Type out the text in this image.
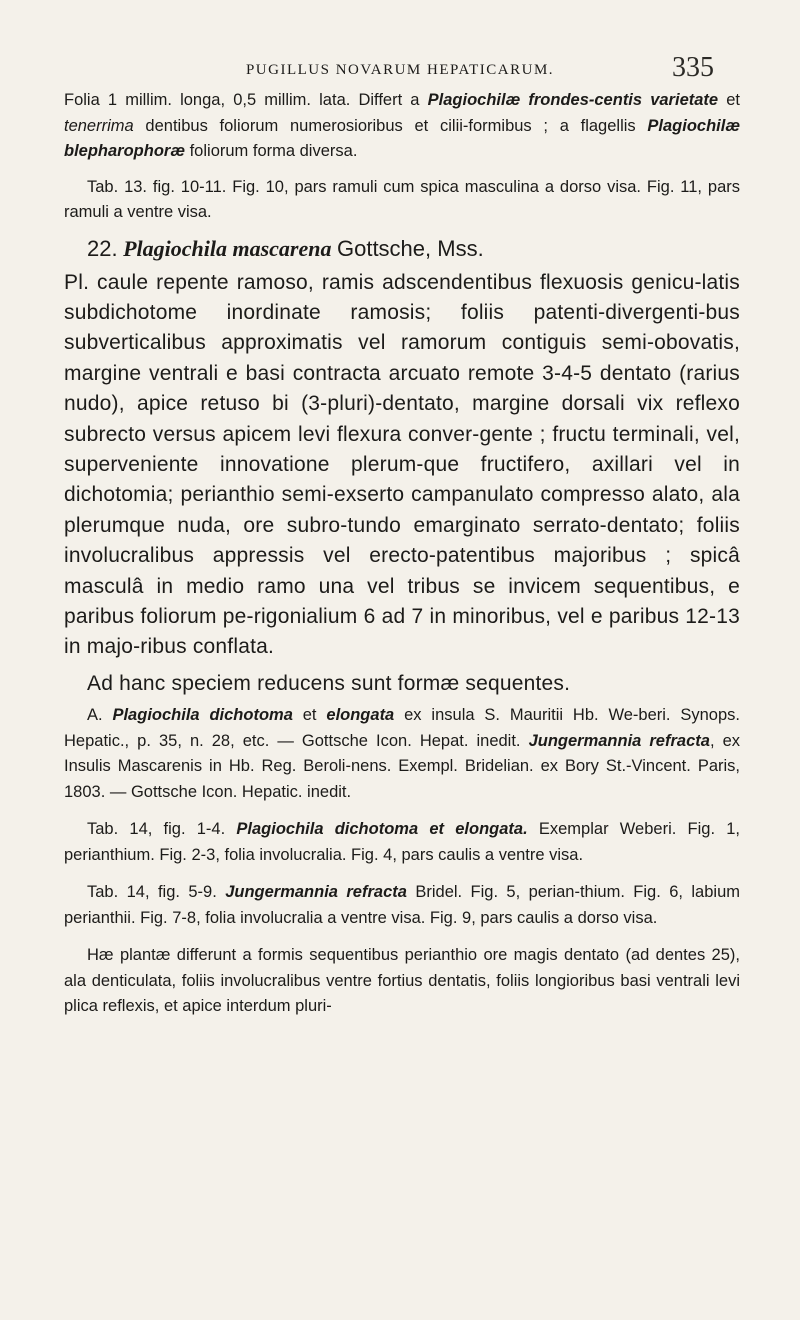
PUGILLUS NOVARUM HEPATICARUM.	335

Folia 1 millim. longa, 0,5 millim. lata. Differt a Plagiochilæ frondes-centis varietate et tenerrima dentibus foliorum numerosioribus et cilii-formibus ; a flagellis Plagiochilæ blepharophoræ foliorum forma diversa.

Tab. 13. fig. 10-11. Fig. 10, pars ramuli cum spica masculina a dorso visa. Fig. 11, pars ramuli a ventre visa.

22. Plagiochila mascarena Gottsche, Mss.

Pl. caule repente ramoso, ramis adscendentibus flexuosis genicu-latis subdichotome inordinate ramosis; foliis patenti-divergenti-bus subverticalibus approximatis vel ramorum contiguis semi-obovatis, margine ventrali e basi contracta arcuato remote 3-4-5 dentato (rarius nudo), apice retuso bi (3-pluri)-dentato, margine dorsali vix reflexo subrecto versus apicem levi flexura conver-gente ; fructu terminali, vel, superveniente innovatione plerum-que fructifero, axillari vel in dichotomia; perianthio semi-exserto campanulato compresso alato, ala plerumque nuda, ore subro-tundo emarginato serrato-dentato; foliis involucralibus appressis vel erecto-patentibus majoribus ; spicâ masculâ in medio ramo una vel tribus se invicem sequentibus, e paribus foliorum pe-rigonialium 6 ad 7 in minoribus, vel e paribus 12-13 in majo-ribus conflata.

Ad hanc speciem reducens sunt formæ sequentes.

A. Plagiochila dichotoma et elongata ex insula S. Mauritii Hb. We-beri. Synops. Hepatic., p. 35, n. 28, etc. — Gottsche Icon. Hepat. inedit. Jungermannia refracta, ex Insulis Mascarenis in Hb. Reg. Beroli-nens. Exempl. Bridelian. ex Bory St.-Vincent. Paris, 1803. — Gottsche Icon. Hepatic. inedit.

Tab. 14, fig. 1-4. Plagiochila dichotoma et elongata. Exemplar Weberi. Fig. 1, perianthium. Fig. 2-3, folia involucralia. Fig. 4, pars caulis a ventre visa.

Tab. 14, fig. 5-9. Jungermannia refracta Bridel. Fig. 5, perian-thium. Fig. 6, labium perianthii. Fig. 7-8, folia involucralia a ventre visa. Fig. 9, pars caulis a dorso visa.

Hæ plantæ differunt a formis sequentibus perianthio ore magis dentato (ad dentes 25), ala denticulata, foliis involucralibus ventre fortius dentatis, foliis longioribus basi ventrali levi plica reflexis, et apice interdum pluri-
